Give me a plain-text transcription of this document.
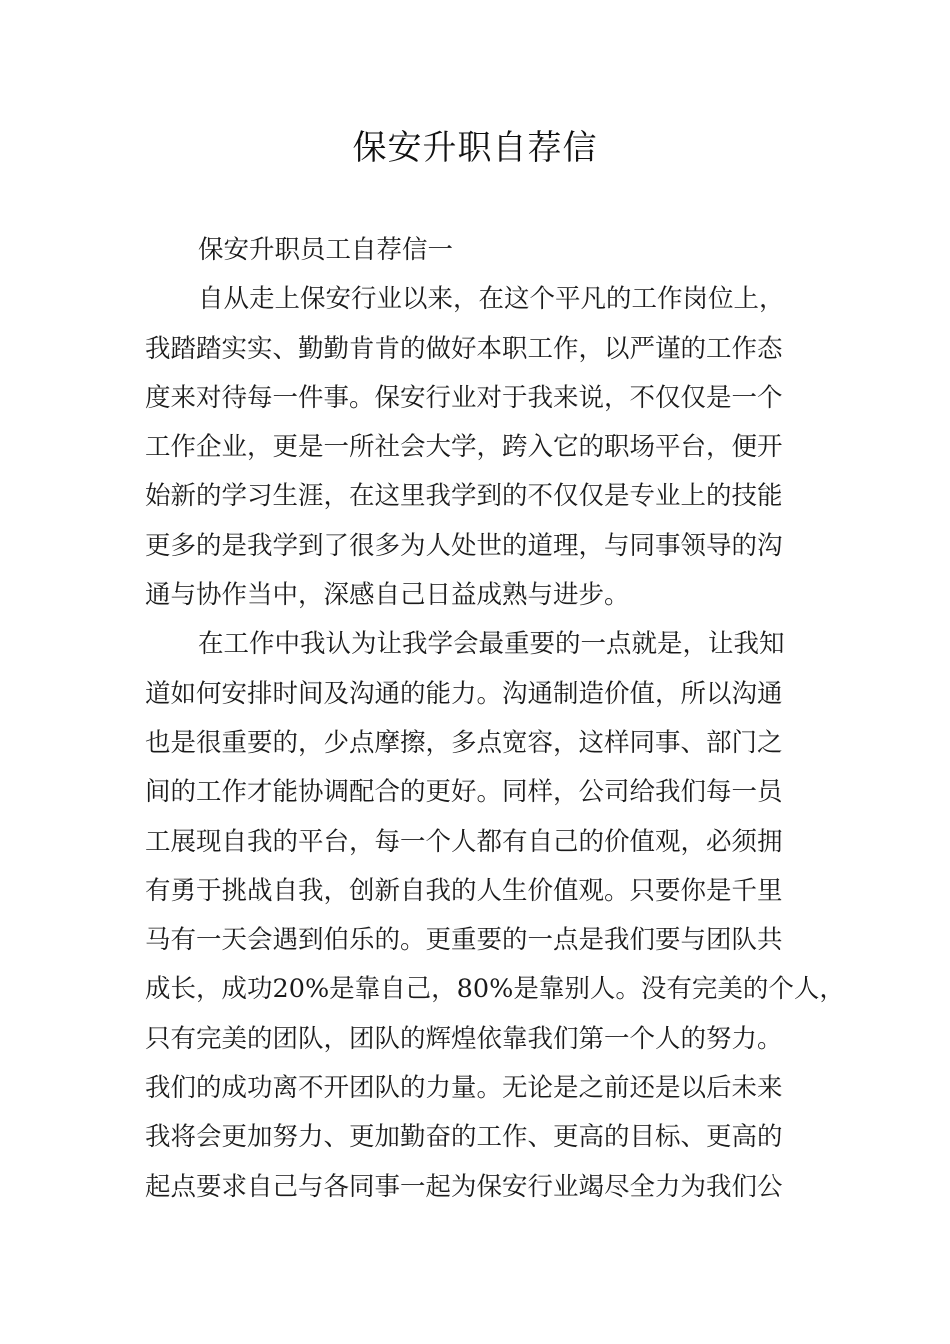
保安升职自荐信
保安升职员工自荐信一
自从走上保安行业以来，在这个平凡的工作岗位上，
我踏踏实实、勤勤肯肯的做好本职工作，以严谨的工作态
度来对待每一件事。保安行业对于我来说，不仅仅是一个
工作企业，更是一所社会大学，跨入它的职场平台，便开
始新的学习生涯，在这里我学到的不仅仅是专业上的技能
更多的是我学到了很多为人处世的道理，与同事领导的沟
通与协作当中，深感自己日益成熟与进步。
在工作中我认为让我学会最重要的一点就是，让我知
道如何安排时间及沟通的能力。沟通制造价值，所以沟通
也是很重要的，少点摩擦，多点宽容，这样同事、部门之
间的工作才能协调配合的更好。同样，公司给我们每一员
工展现自我的平台，每一个人都有自己的价值观，必须拥
有勇于挑战自我，创新自我的人生价值观。只要你是千里
马有一天会遇到伯乐的。更重要的一点是我们要与团队共
成长，成功20%是靠自己，80%是靠别人。没有完美的个人，
只有完美的团队，团队的辉煌依靠我们第一个人的努力。
我们的成功离不开团队的力量。无论是之前还是以后未来
我将会更加努力、更加勤奋的工作、更高的目标、更高的
起点要求自己与各同事一起为保安行业竭尽全力为我们公
